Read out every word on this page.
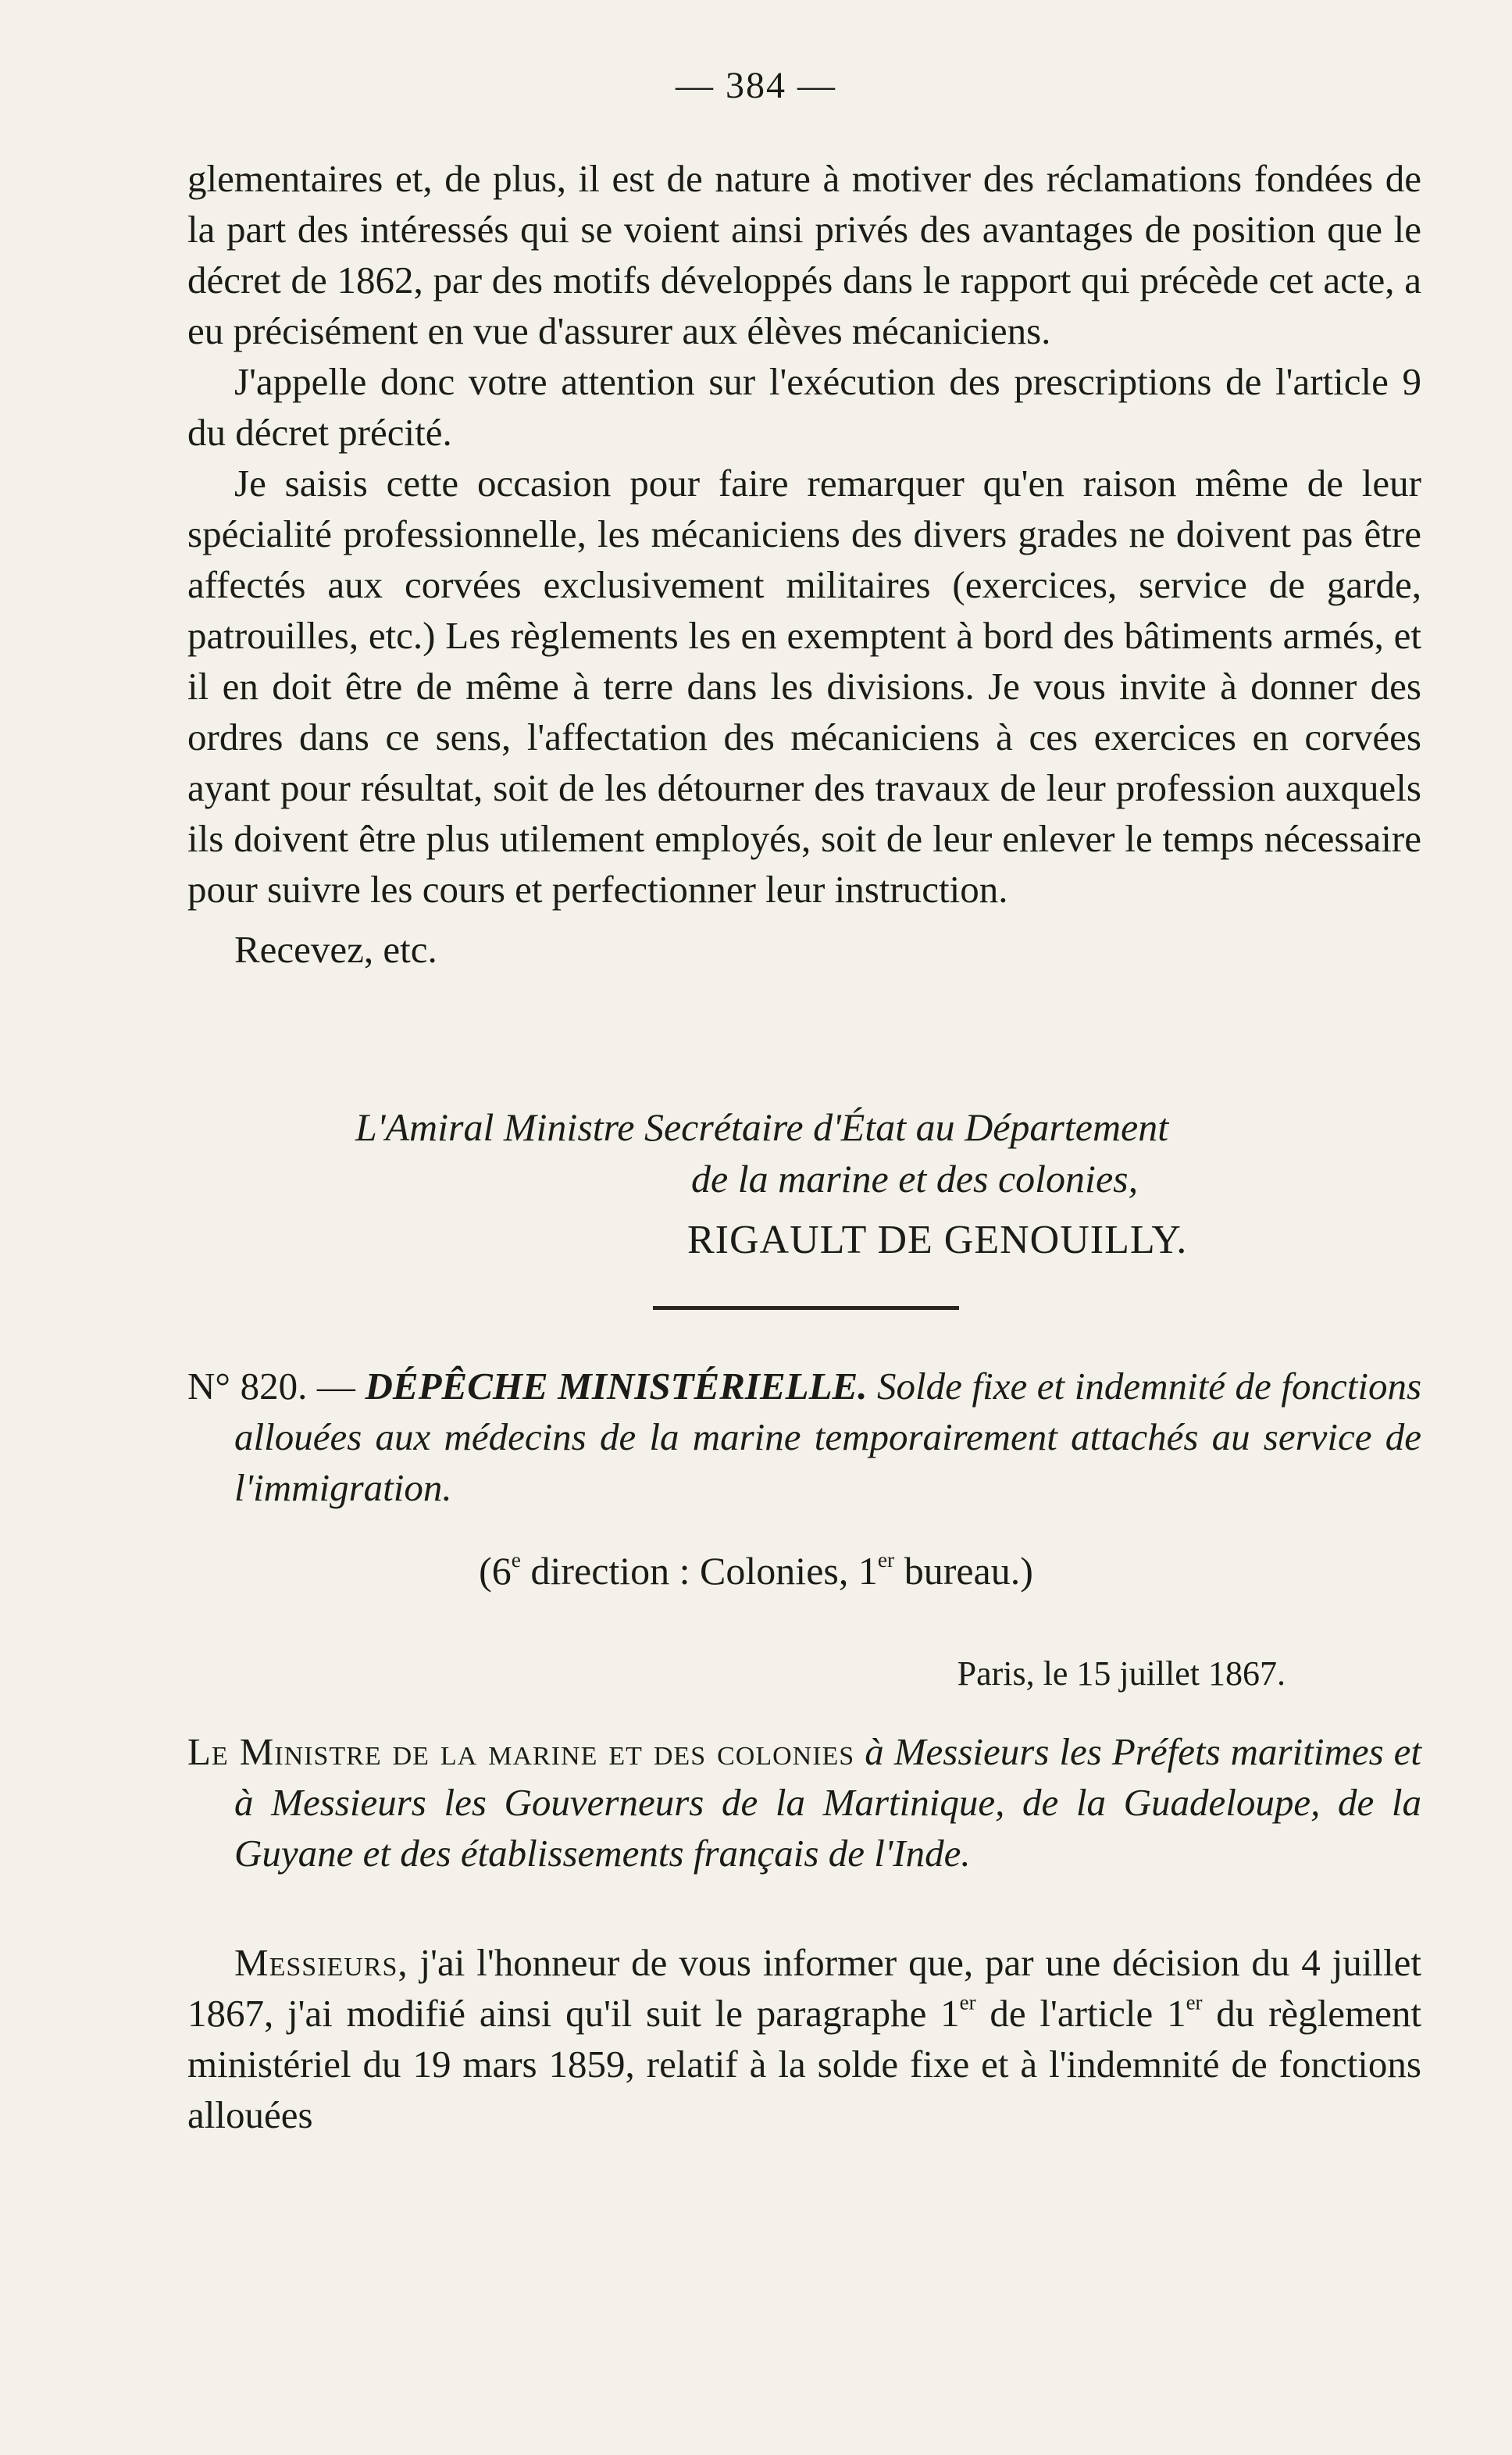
— 384 —

glementaires et, de plus, il est de nature à motiver des réclamations fondées de la part des intéressés qui se voient ainsi privés des avantages de position que le décret de 1862, par des motifs développés dans le rapport qui précède cet acte, a eu précisément en vue d'assurer aux élèves mécaniciens.

J'appelle donc votre attention sur l'exécution des prescriptions de l'article 9 du décret précité.

Je saisis cette occasion pour faire remarquer qu'en raison même de leur spécialité professionnelle, les mécaniciens des divers grades ne doivent pas être affectés aux corvées exclusivement militaires (exercices, service de garde, patrouilles, etc.) Les règlements les en exemptent à bord des bâtiments armés, et il en doit être de même à terre dans les divisions. Je vous invite à donner des ordres dans ce sens, l'affectation des mécaniciens à ces exercices en corvées ayant pour résultat, soit de les détourner des travaux de leur profession auxquels ils doivent être plus utilement employés, soit de leur enlever le temps nécessaire pour suivre les cours et perfectionner leur instruction.

Recevez, etc.

L'Amiral Ministre Secrétaire d'État au Département
de la marine et des colonies,
RIGAULT DE GENOUILLY.

N° 820. — DÉPÊCHE MINISTÉRIELLE. Solde fixe et indemnité de fonctions allouées aux médecins de la marine temporairement attachés au service de l'immigration.

(6e direction : Colonies, 1er bureau.)
Paris, le 15 juillet 1867.

Le Ministre de la marine et des colonies à Messieurs les Préfets maritimes et à Messieurs les Gouverneurs de la Martinique, de la Guadeloupe, de la Guyane et des établissements français de l'Inde.

Messieurs, j'ai l'honneur de vous informer que, par une décision du 4 juillet 1867, j'ai modifié ainsi qu'il suit le paragraphe 1er de l'article 1er du règlement ministériel du 19 mars 1859, relatif à la solde fixe et à l'indemnité de fonctions allouées
